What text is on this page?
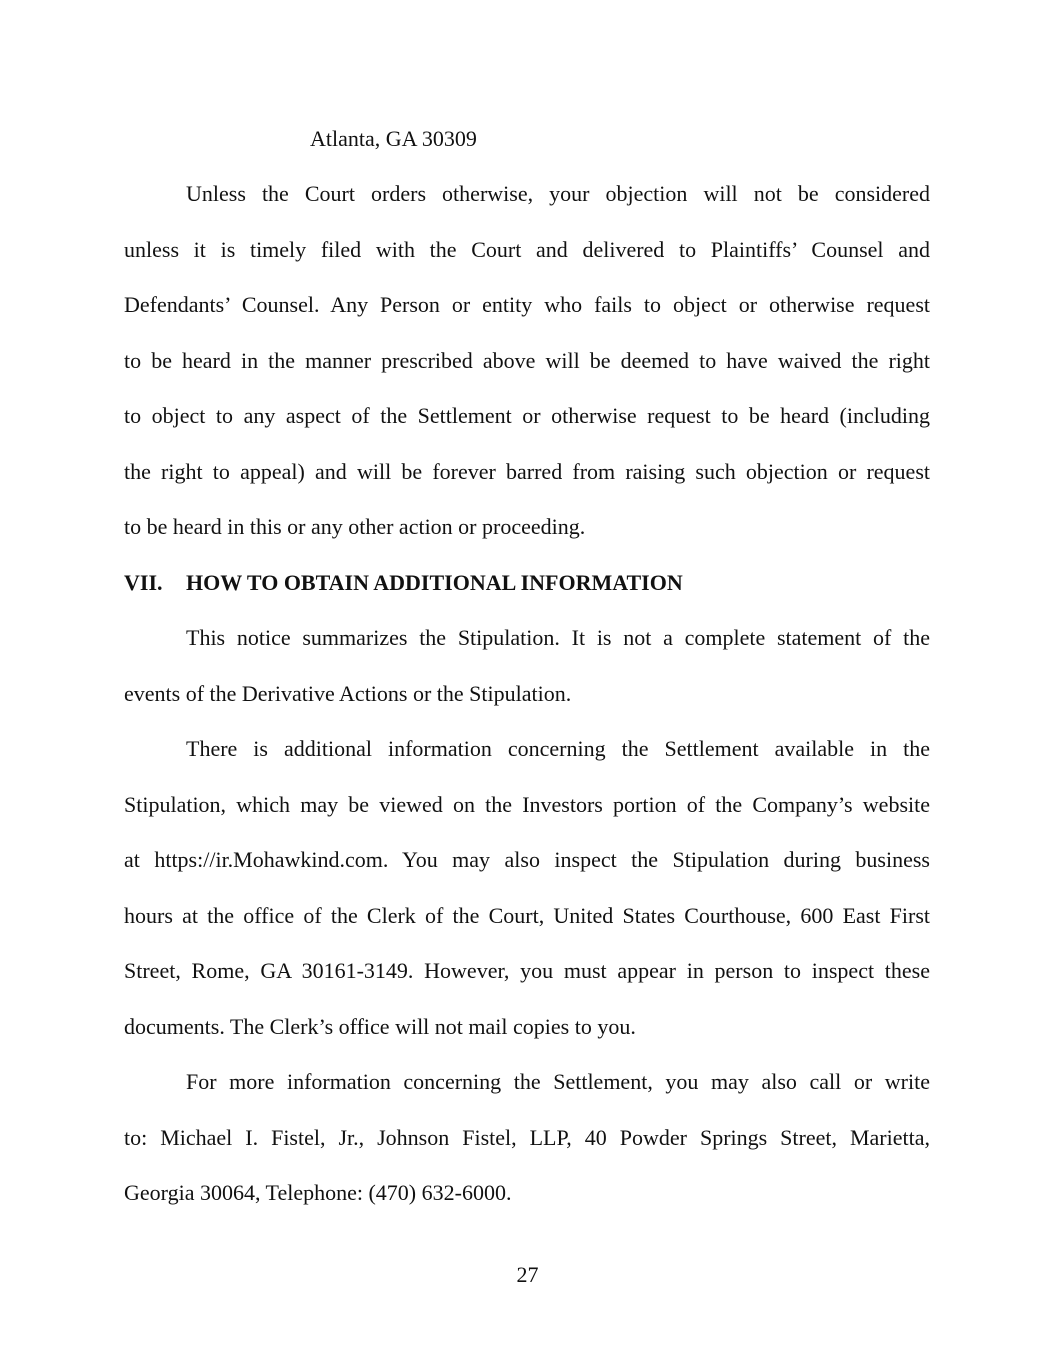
Atlanta, GA 30309
Unless the Court orders otherwise, your objection will not be considered
unless it is timely filed with the Court and delivered to Plaintiffs’ Counsel and
Defendants’ Counsel. Any Person or entity who fails to object or otherwise request
to be heard in the manner prescribed above will be deemed to have waived the right
to object to any aspect of the Settlement or otherwise request to be heard (including
the right to appeal) and will be forever barred from raising such objection or request
to be heard in this or any other action or proceeding.
VII. HOW TO OBTAIN ADDITIONAL INFORMATION
This notice summarizes the Stipulation. It is not a complete statement of the
events of the Derivative Actions or the Stipulation.
There is additional information concerning the Settlement available in the
Stipulation, which may be viewed on the Investors portion of the Company’s website
at https://ir.Mohawkind.com. You may also inspect the Stipulation during business
hours at the office of the Clerk of the Court, United States Courthouse, 600 East First
Street, Rome, GA 30161-3149. However, you must appear in person to inspect these
documents. The Clerk’s office will not mail copies to you.
For more information concerning the Settlement, you may also call or write
to: Michael I. Fistel, Jr., Johnson Fistel, LLP, 40 Powder Springs Street, Marietta,
Georgia 30064, Telephone: (470) 632-6000.
27
